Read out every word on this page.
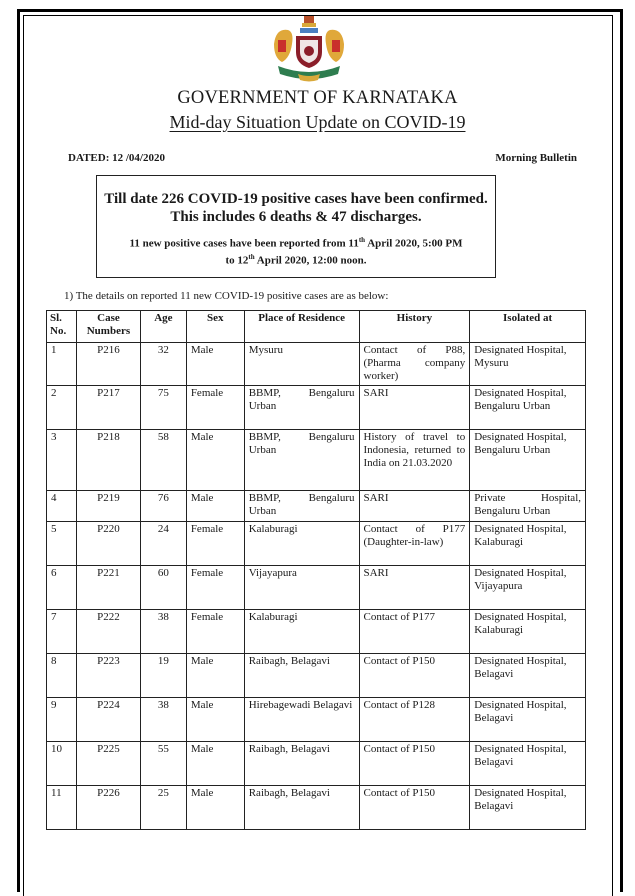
GOVERNMENT OF KARNATAKA
Mid-day Situation Update on COVID-19
DATED: 12 /04/2020	Morning Bulletin
Till date 226 COVID-19 positive cases have been confirmed.
This includes 6 deaths & 47 discharges.
11 new positive cases have been reported from 11th April 2020, 5:00 PM
to 12th April 2020, 12:00 noon.
1) The details on reported 11 new COVID-19 positive cases are as below:
Sl. No.	Case Numbers	Age	Sex	Place of Residence	History	Isolated at
1	P216	32	Male	Mysuru	Contact of P88, (Pharma company worker)	Designated Hospital, Mysuru
2	P217	75	Female	BBMP, Bengaluru Urban	SARI	Designated Hospital, Bengaluru Urban
3	P218	58	Male	BBMP, Bengaluru Urban	History of travel to Indonesia, returned to India on 21.03.2020	Designated Hospital, Bengaluru Urban
4	P219	76	Male	BBMP, Bengaluru Urban	SARI	Private Hospital, Bengaluru Urban
5	P220	24	Female	Kalaburagi	Contact of P177 (Daughter-in-law)	Designated Hospital, Kalaburagi
6	P221	60	Female	Vijayapura	SARI	Designated Hospital, Vijayapura
7	P222	38	Female	Kalaburagi	Contact of P177	Designated Hospital, Kalaburagi
8	P223	19	Male	Raibagh, Belagavi	Contact of P150	Designated Hospital, Belagavi
9	P224	38	Male	Hirebagewadi Belagavi	Contact of P128	Designated Hospital, Belagavi
10	P225	55	Male	Raibagh, Belagavi	Contact of P150	Designated Hospital, Belagavi
11	P226	25	Male	Raibagh, Belagavi	Contact of P150	Designated Hospital, Belagavi
